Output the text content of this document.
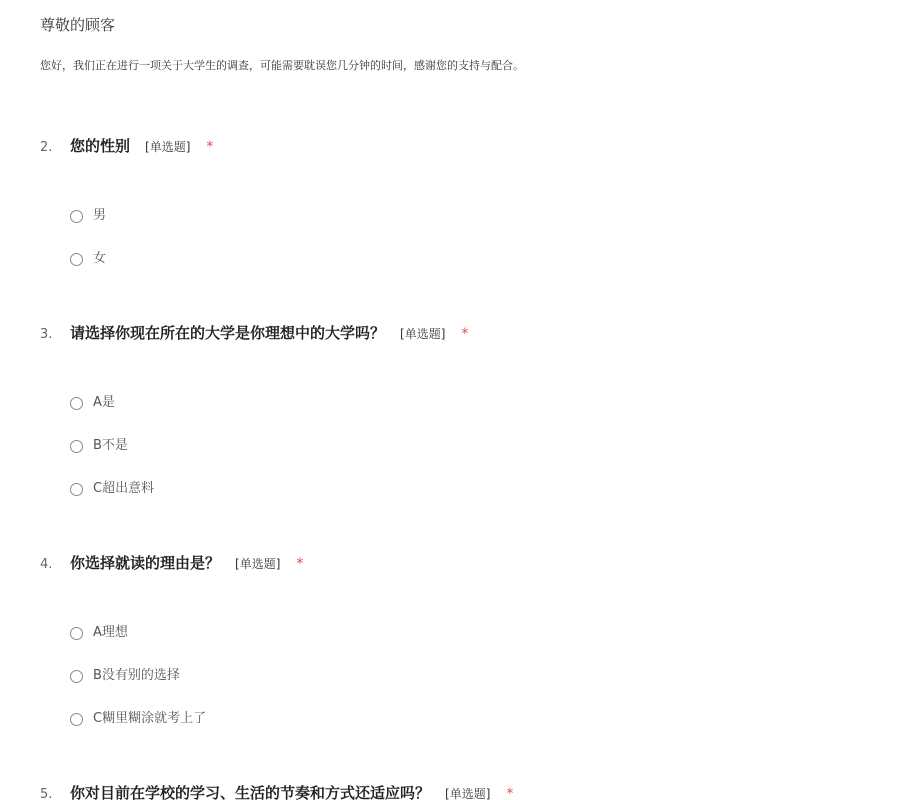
尊敬的顾客
您好，我们正在进行一项关于大学生的调查，可能需要耽误您几分钟的时间，感谢您的支持与配合。
2.	您的性别 [单选题] *
男
女
3.	请选择你现在所在的大学是你理想中的大学吗？ [单选题] *
A是
B不是
C超出意料
4.	你选择就读的理由是？ [单选题] *
A理想
B没有别的选择
C糊里糊涂就考上了
5.	你对目前在学校的学习、生活的节奏和方式还适应吗？ [单选题] *
